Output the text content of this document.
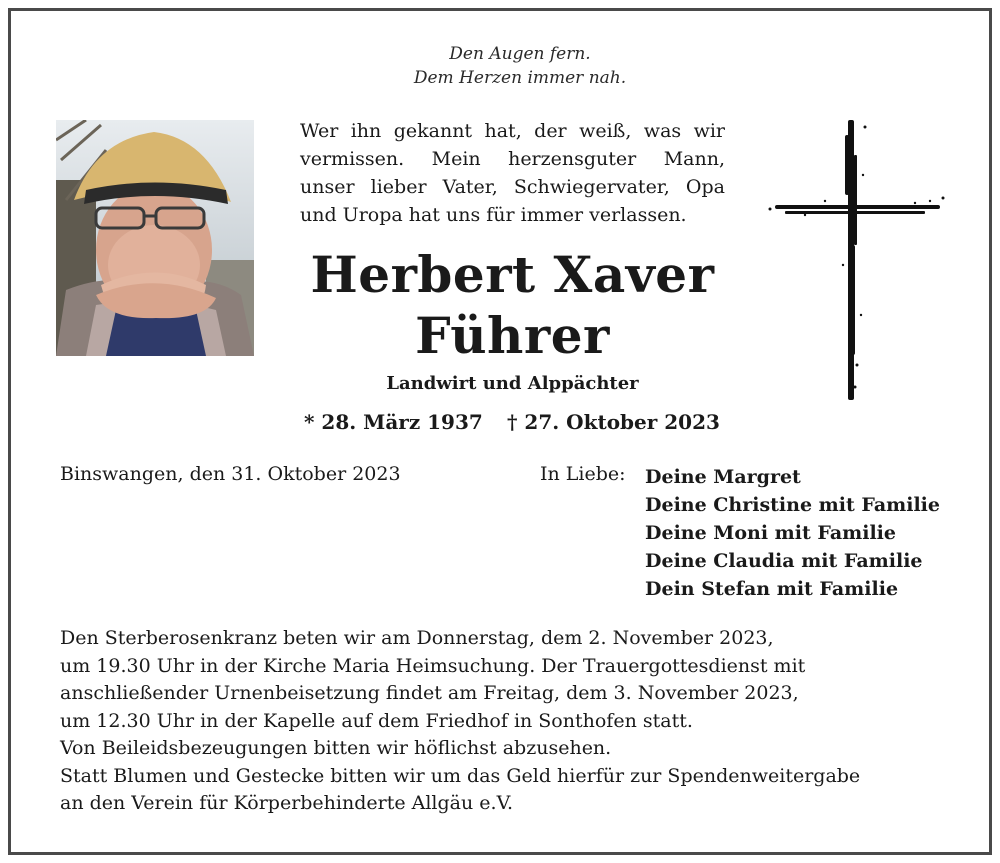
Den Augen fern.
Dem Herzen immer nah.
Wer ihn gekannt hat, der weiß, was wir
vermissen. Mein herzensguter Mann,
unser lieber Vater, Schwiegervater, Opa
und Uropa hat uns für immer verlassen.
Herbert Xaver
Führer
Landwirt und Alppächter
* 28. März 1937 † 27. Oktober 2023
Binswangen, den 31. Oktober 2023	In Liebe: Deine Margret
Deine Christine mit Familie
Deine Moni mit Familie
Deine Claudia mit Familie
Dein Stefan mit Familie
Den Sterberosenkranz beten wir am Donnerstag, dem 2. November 2023,
um 19.30 Uhr in der Kirche Maria Heimsuchung. Der Trauergottesdienst mit
anschließender Urnenbeisetzung findet am Freitag, dem 3. November 2023,
um 12.30 Uhr in der Kapelle auf dem Friedhof in Sonthofen statt.
Von Beileidsbezeugungen bitten wir höflichst abzusehen.
Statt Blumen und Gestecke bitten wir um das Geld hierfür zur Spendenweitergabe
an den Verein für Körperbehinderte Allgäu e.V.
